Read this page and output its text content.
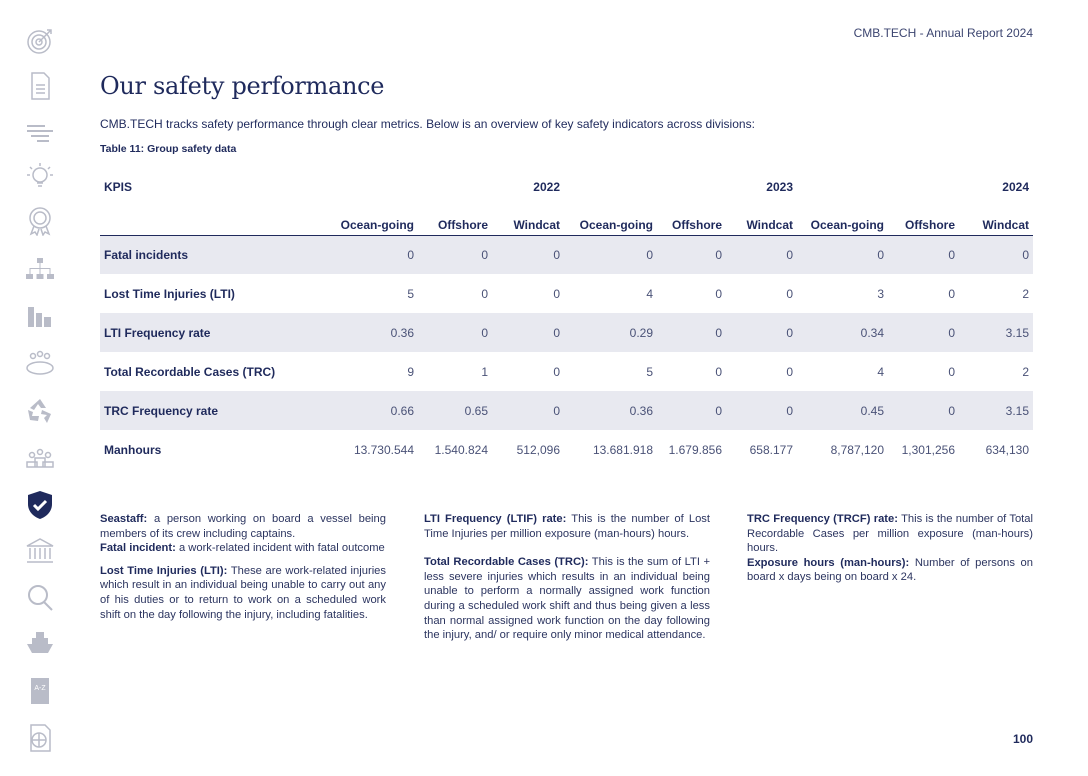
A-Z
CMB.TECH - Annual Report 2024
Our safety performance
CMB.TECH tracks safety performance through clear metrics. Below is an overview of key safety indicators across divisions:
Table 11: Group safety data
KPIS	2022			2023			2024		
	Ocean-going	Offshore	Windcat	Ocean-going	Offshore	Windcat	Ocean-going	Offshore	Windcat
Fatal incidents	0	0	0	0	0	0	0	0	0
Lost Time Injuries (LTI)	5	0	0	4	0	0	3	0	2
LTI Frequency rate	0.36	0	0	0.29	0	0	0.34	0	3.15
Total Recordable Cases (TRC)	9	1	0	5	0	0	4	0	2
TRC Frequency rate	0.66	0.65	0	0.36	0	0	0.45	0	3.15
Manhours	13.730.544	1.540.824	512,096	13.681.918	1.679.856	658.177	8,787,120	1,301,256	634,130

Seastaff: a person working on board a vessel being members of its crew including captains.

Fatal incident: a work-related incident with fatal outcome

Lost Time Injuries (LTI): These are work-related injuries which result in an individual being unable to carry out any of his duties or to return to work on a scheduled work shift on the day following the injury, including fatalities.

LTI Frequency (LTIF) rate: This is the number of Lost Time Injuries per million exposure (man-hours) hours.

Total Recordable Cases (TRC): This is the sum of LTI + less severe injuries which results in an individual being unable to perform a normally assigned work function during a scheduled work shift and thus being given a less than normal assigned work function on the day following the injury, and/ or require only minor medical attendance.

TRC Frequency (TRCF) rate: This is the number of Total Recordable Cases per million exposure (man-hours) hours.

Exposure hours (man-hours): Number of persons on board x days being on board x 24.

100
